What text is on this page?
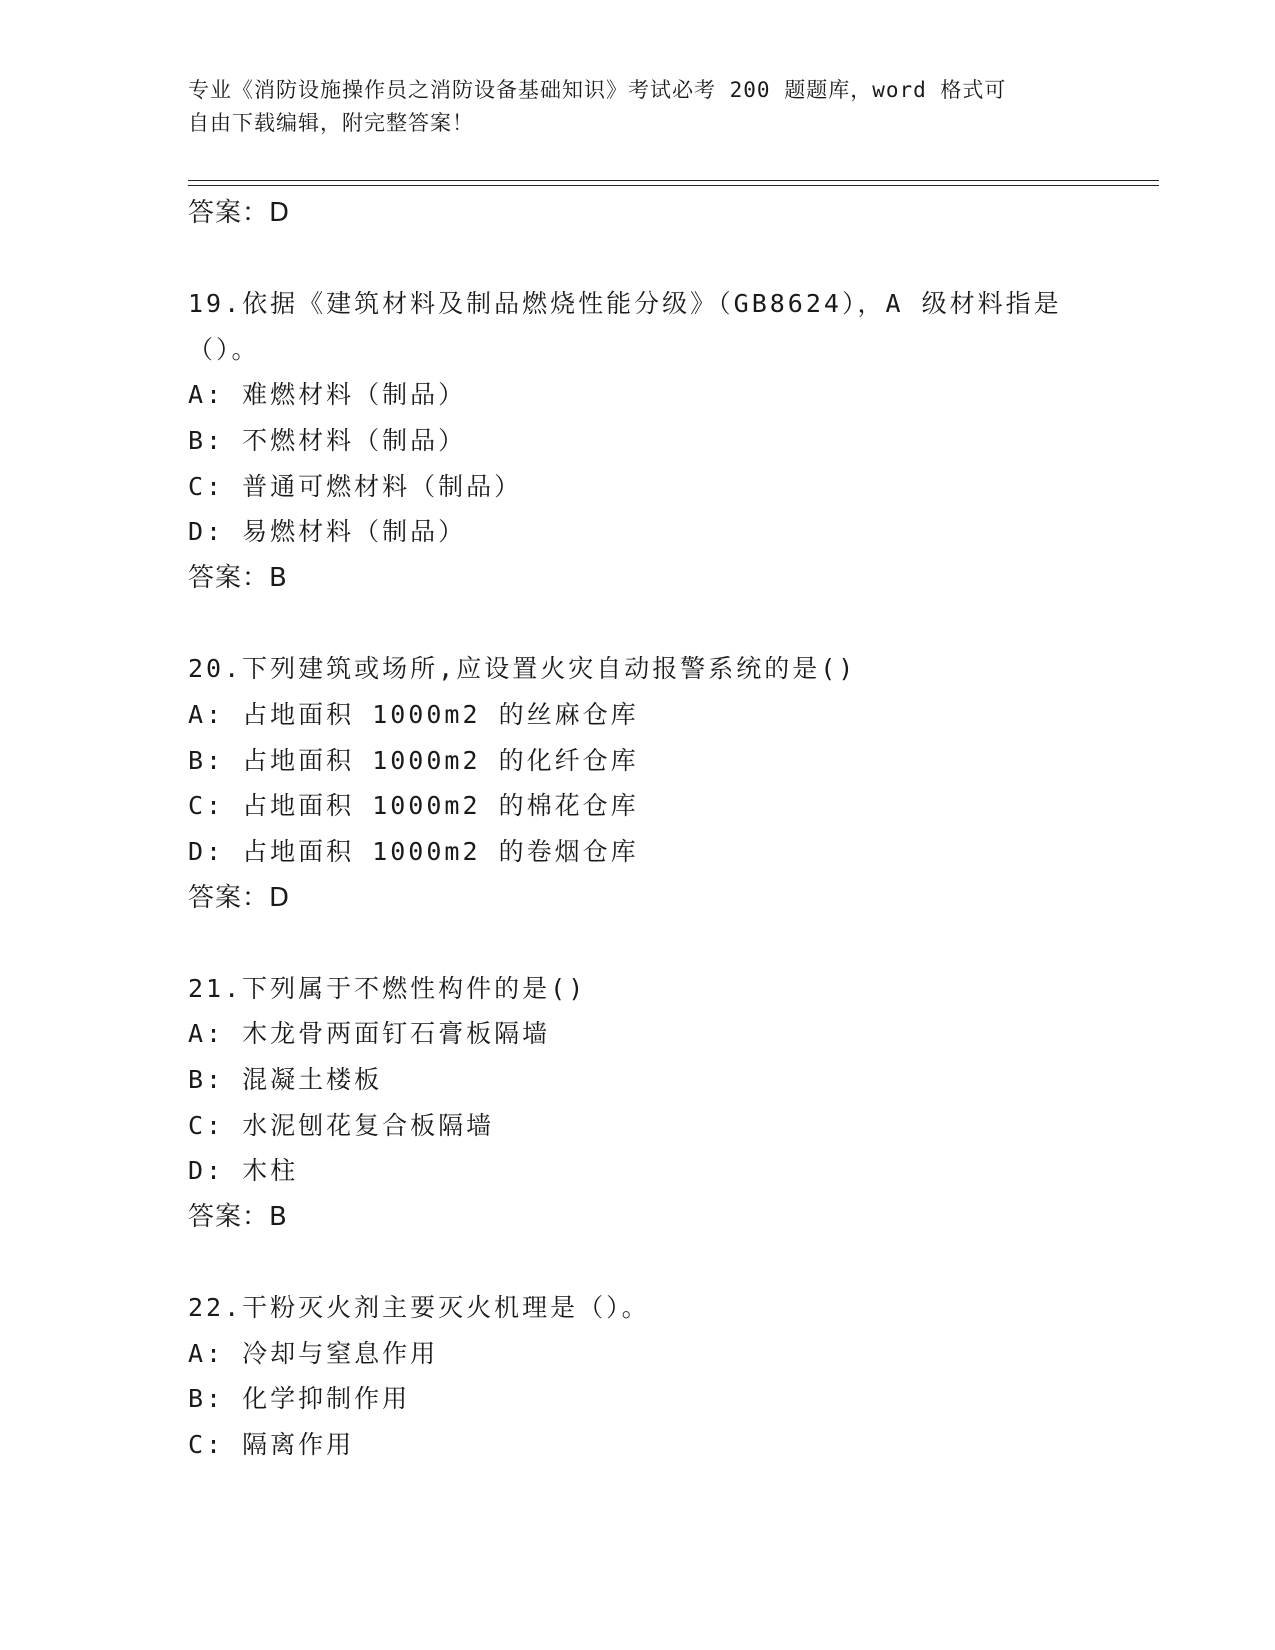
专业《消防设施操作员之消防设备基础知识》考试必考 200 题题库，word 格式可
自由下载编辑，附完整答案！
答案：D
19.依据《建筑材料及制品燃烧性能分级》（GB8624），A 级材料指是
（）。
A: 难燃材料（制品）
B: 不燃材料（制品）
C: 普通可燃材料（制品）
D: 易燃材料（制品）
答案：B
20.下列建筑或场所,应设置火灾自动报警系统的是()
A: 占地面积 1000m2 的丝麻仓库
B: 占地面积 1000m2 的化纤仓库
C: 占地面积 1000m2 的棉花仓库
D: 占地面积 1000m2 的卷烟仓库
答案：D
21.下列属于不燃性构件的是()
A: 木龙骨两面钉石膏板隔墙
B: 混凝土楼板
C: 水泥刨花复合板隔墙
D: 木柱
答案：B
22.干粉灭火剂主要灭火机理是（）。
A: 冷却与窒息作用
B: 化学抑制作用
C: 隔离作用
